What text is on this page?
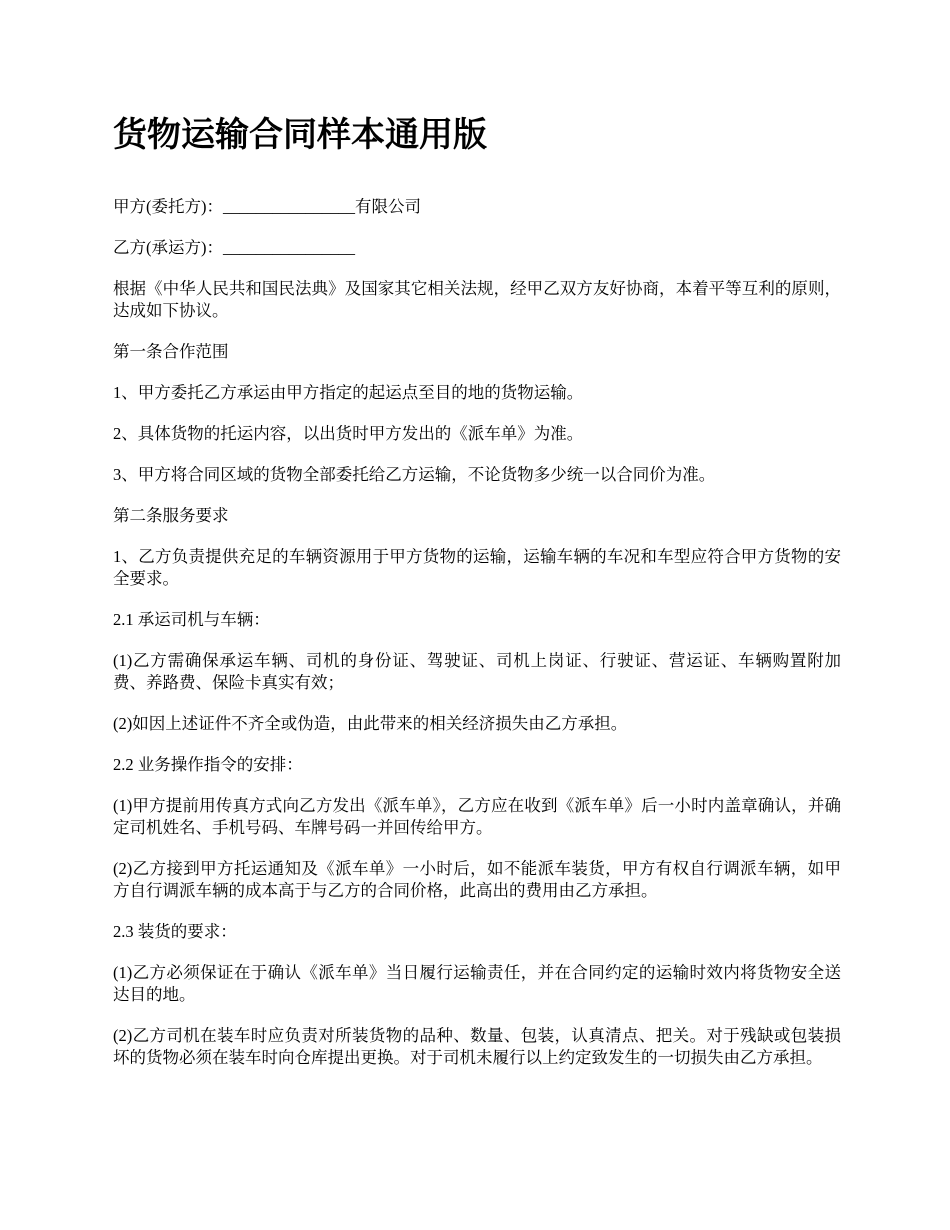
货物运输合同样本通用版

甲方(委托方)：________________有限公司

乙方(承运方)：________________

根据《中华人民共和国民法典》及国家其它相关法规，经甲乙双方友好协商，本着平等互利的原则，达成如下协议。

第一条合作范围

1、甲方委托乙方承运由甲方指定的起运点至目的地的货物运输。

2、具体货物的托运内容，以出货时甲方发出的《派车单》为准。

3、甲方将合同区域的货物全部委托给乙方运输，不论货物多少统一以合同价为准。

第二条服务要求

1、乙方负责提供充足的车辆资源用于甲方货物的运输，运输车辆的车况和车型应符合甲方货物的安全要求。

2.1 承运司机与车辆：

(1)乙方需确保承运车辆、司机的身份证、驾驶证、司机上岗证、行驶证、营运证、车辆购置附加费、养路费、保险卡真实有效；

(2)如因上述证件不齐全或伪造，由此带来的相关经济损失由乙方承担。

2.2 业务操作指令的安排：

(1)甲方提前用传真方式向乙方发出《派车单》，乙方应在收到《派车单》后一小时内盖章确认，并确定司机姓名、手机号码、车牌号码一并回传给甲方。

(2)乙方接到甲方托运通知及《派车单》一小时后，如不能派车装货，甲方有权自行调派车辆，如甲方自行调派车辆的成本高于与乙方的合同价格，此高出的费用由乙方承担。

2.3 装货的要求：

(1)乙方必须保证在于确认《派车单》当日履行运输责任，并在合同约定的运输时效内将货物安全送达目的地。

(2)乙方司机在装车时应负责对所装货物的品种、数量、包装，认真清点、把关。对于残缺或包装损坏的货物必须在装车时向仓库提出更换。对于司机未履行以上约定致发生的一切损失由乙方承担。
